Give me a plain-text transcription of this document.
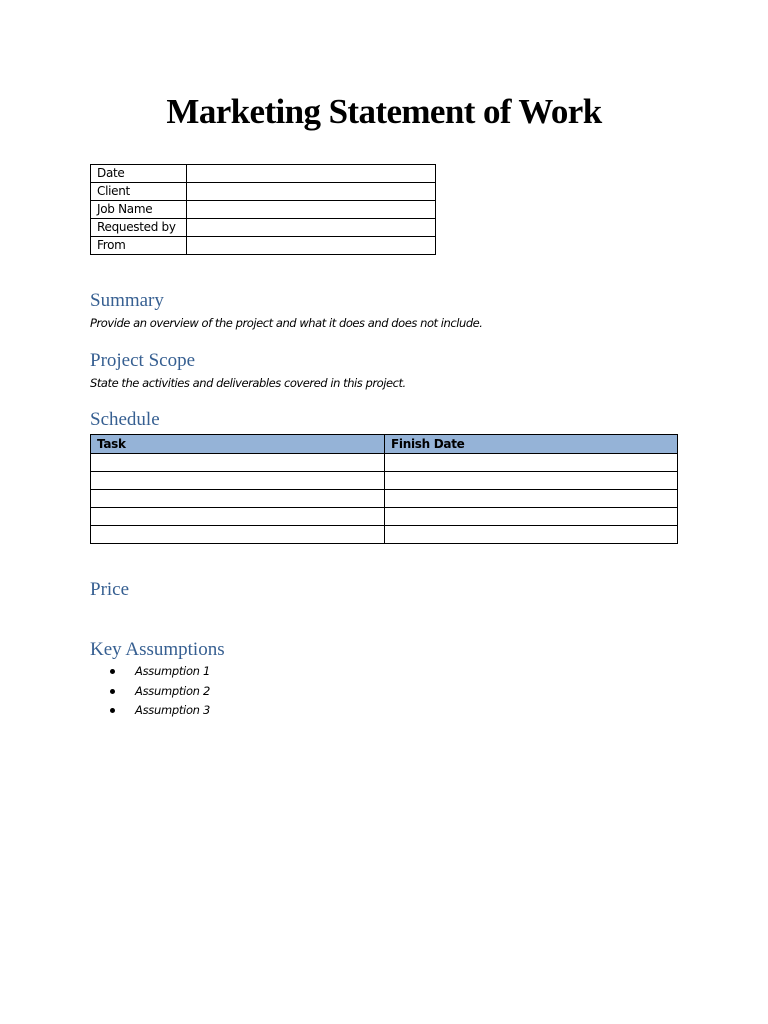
Marketing Statement of Work
Date	
Client	
Job Name	
Requested by	
From	
Summary

Provide an overview of the project and what it does and does not include.

Project Scope

State the activities and deliverables covered in this project.

Schedule
Task	Finish Date

Price
Key Assumptions
Assumption 1
Assumption 2
Assumption 3
